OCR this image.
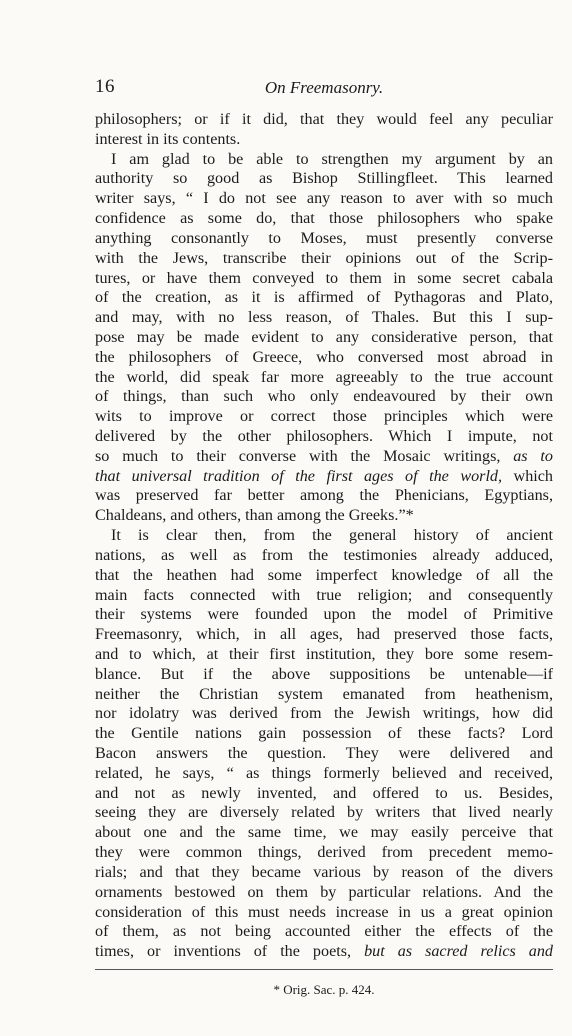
16	On Freemasonry.
philosophers; or if it did, that they would feel any peculiar
interest in its contents.
I am glad to be able to strengthen my argument by an
authority so good as Bishop Stillingfleet. This learned
writer says, “ I do not see any reason to aver with so much
confidence as some do, that those philosophers who spake
anything consonantly to Moses, must presently converse
with the Jews, transcribe their opinions out of the Scrip-
tures, or have them conveyed to them in some secret cabala
of the creation, as it is affirmed of Pythagoras and Plato,
and may, with no less reason, of Thales. But this I sup-
pose may be made evident to any considerative person, that
the philosophers of Greece, who conversed most abroad in
the world, did speak far more agreeably to the true account
of things, than such who only endeavoured by their own
wits to improve or correct those principles which were
delivered by the other philosophers. Which I impute, not
so much to their converse with the Mosaic writings, as to
that universal tradition of the first ages of the world, which
was preserved far better among the Phenicians, Egyptians,
Chaldeans, and others, than among the Greeks.”*
It is clear then, from the general history of ancient
nations, as well as from the testimonies already adduced,
that the heathen had some imperfect knowledge of all the
main facts connected with true religion; and consequently
their systems were founded upon the model of Primitive
Freemasonry, which, in all ages, had preserved those facts,
and to which, at their first institution, they bore some resem-
blance. But if the above suppositions be untenable—if
neither the Christian system emanated from heathenism,
nor idolatry was derived from the Jewish writings, how did
the Gentile nations gain possession of these facts? Lord
Bacon answers the question. They were delivered and
related, he says, “ as things formerly believed and received,
and not as newly invented, and offered to us. Besides,
seeing they are diversely related by writers that lived nearly
about one and the same time, we may easily perceive that
they were common things, derived from precedent memo-
rials; and that they became various by reason of the divers
ornaments bestowed on them by particular relations. And the
consideration of this must needs increase in us a great opinion
of them, as not being accounted either the effects of the
times, or inventions of the poets, but as sacred relics and
* Orig. Sac. p. 424.
